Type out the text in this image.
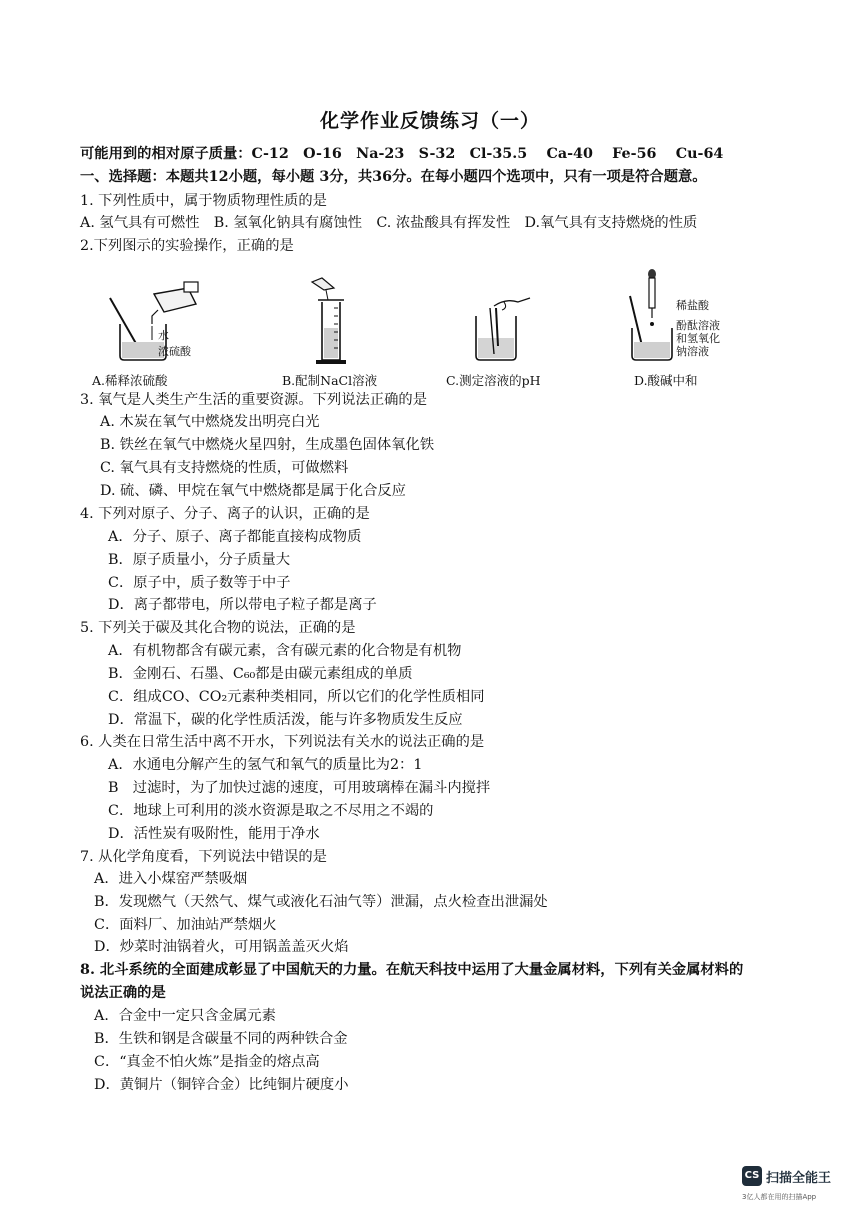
化学作业反馈练习（一）
可能用到的相对原子质量：C-12　O-16　Na-23　S-32　Cl-35.5　 Ca-40　 Fe-56　 Cu-64
一、选择题：本题共12小题，每小题 3分，共36分。在每小题四个选项中，只有一项是符合题意。
1. 下列性质中，属于物质物理性质的是
A. 氢气具有可燃性　B. 氢氧化钠具有腐蚀性　C. 浓盐酸具有挥发性　D.氧气具有支持燃烧的性质
2.下列图示的实验操作，正确的是
水
浓硫酸
A.稀释浓硫酸	B.配制NaCl溶液	C.测定溶液的pH
稀盐酸
酚酞溶液
和氢氧化
钠溶液
D.酸碱中和
3. 氧气是人类生产生活的重要资源。下列说法正确的是
A. 木炭在氧气中燃烧发出明亮白光
B. 铁丝在氧气中燃烧火星四射，生成墨色固体氧化铁
C. 氧气具有支持燃烧的性质，可做燃料
D. 硫、磷、甲烷在氧气中燃烧都是属于化合反应
4. 下列对原子、分子、离子的认识，正确的是
A．分子、原子、离子都能直接构成物质
B．原子质量小，分子质量大
C．原子中，质子数等于中子
D．离子都带电，所以带电子粒子都是离子
5. 下列关于碳及其化合物的说法，正确的是
A．有机物都含有碳元素，含有碳元素的化合物是有机物
B．金刚石、石墨、C₆₀都是由碳元素组成的单质
C．组成CO、CO₂元素种类相同，所以它们的化学性质相同
D．常温下，碳的化学性质活泼，能与许多物质发生反应
6. 人类在日常生活中离不开水，下列说法有关水的说法正确的是
A．水通电分解产生的氢气和氧气的质量比为2：1
B　过滤时，为了加快过滤的速度，可用玻璃棒在漏斗内搅拌
C．地球上可利用的淡水资源是取之不尽用之不竭的
D．活性炭有吸附性，能用于净水
7. 从化学角度看，下列说法中错误的是
A．进入小煤窑严禁吸烟
B．发现燃气（天然气、煤气或液化石油气等）泄漏，点火检查出泄漏处
C．面料厂、加油站严禁烟火
D．炒菜时油锅着火，可用锅盖盖灭火焰
8. 北斗系统的全面建成彰显了中国航天的力量。在航天科技中运用了大量金属材料，下列有关金属材料的
说法正确的是
A．合金中一定只含金属元素
B．生铁和钢是含碳量不同的两种铁合金
C．“真金不怕火炼”是指金的熔点高
D．黄铜片（铜锌合金）比纯铜片硬度小
CS 扫描全能王
3亿人都在用的扫描App
